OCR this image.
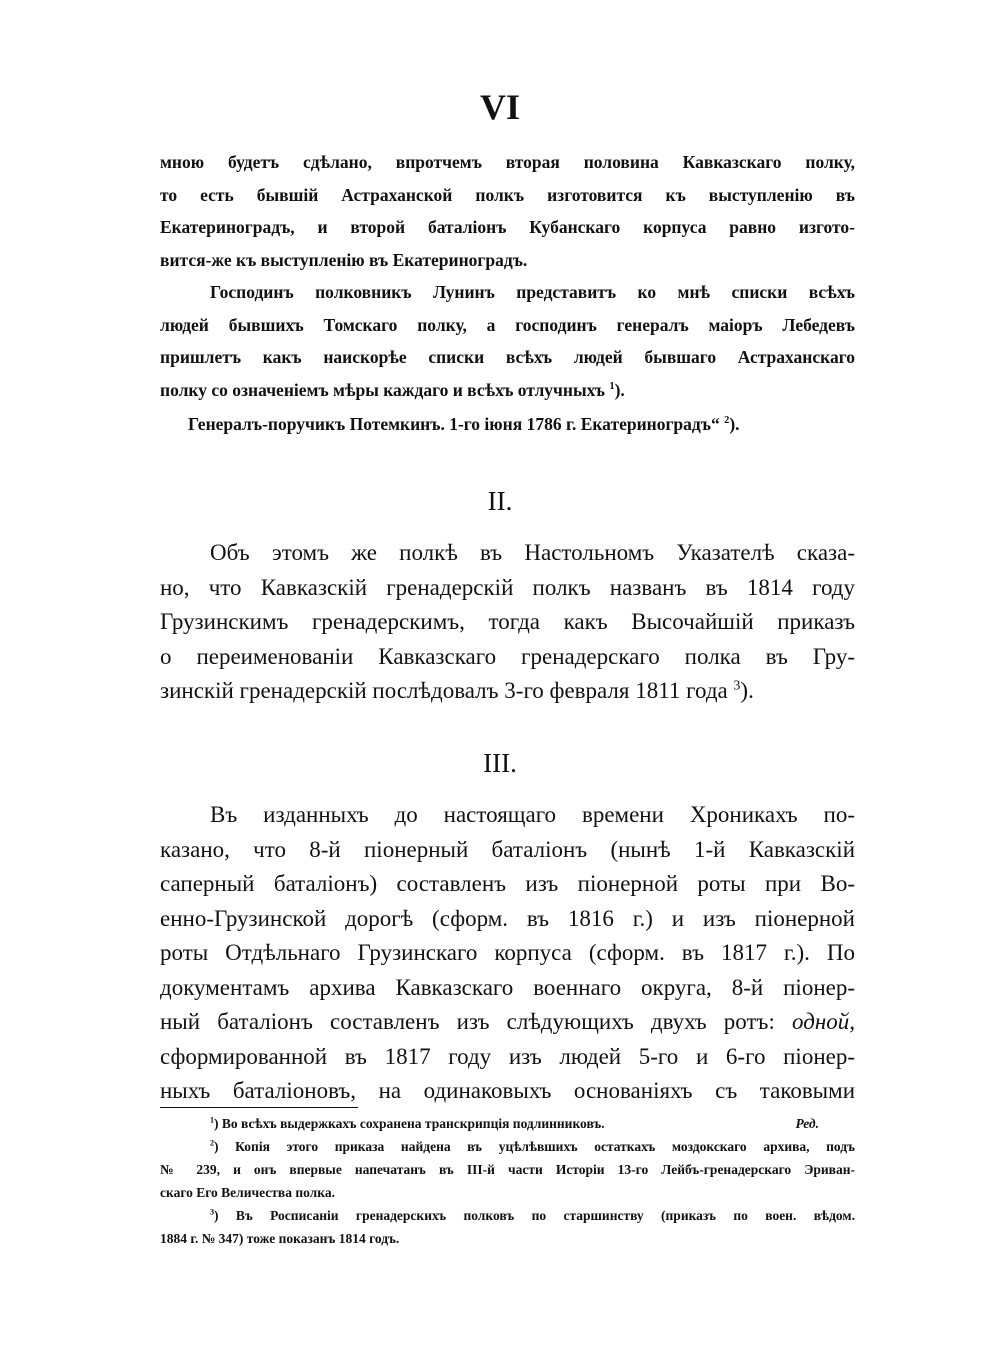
VI
мною будетъ сдѣлано, впротчемъ вторая половина Кавказскаго полку,
то есть бывшiй Астраханской полкъ изготовится къ выступленiю въ
Екатериноградъ, и второй баталiонъ Кубанскаго корпуса равно изгото-
вится-же къ выступленiю въ Екатериноградъ.
Господинъ полковникъ Лунинъ представитъ ко мнѣ списки всѣхъ
людей бывшихъ Томскаго полку, а господинъ генералъ маiоръ Лебедевъ
пришлетъ какъ наискорѣе списки всѣхъ людей бывшаго Астраханскаго
полку со означенiемъ мѣры каждаго и всѣхъ отлучныхъ $^1$).
Генералъ-поручикъ Потемкинъ. 1-го iюня 1786 г. Екатериноградъ“ $^2$).
II.
Объ этомъ же полкѣ въ Настольномъ Указателѣ сказа-
но, что Кавказскiй гренадерскiй полкъ названъ въ 1814 году
Грузинскимъ гренадерскимъ, тогда какъ Высочайшiй приказъ
о переименованiи Кавказскаго гренадерскаго полка въ Гру-
зинскiй гренадерскiй послѣдовалъ 3-го февраля 1811 года $^3$).
III.
Въ изданныхъ до настоящаго времени Хроникахъ по-
казано, что 8-й пiонерный баталiонъ (нынѣ 1-й Кавказскiй
саперный баталiонъ) составленъ изъ пiонерной роты при Во-
енно-Грузинской дорогѣ (сформ. въ 1816 г.) и изъ пiонерной
роты Отдѣльнаго Грузинскаго корпуса (сформ. въ 1817 г.). По
документамъ архива Кавказскаго военнаго округа, 8-й пiонер-
ный баталiонъ составленъ изъ слѣдующихъ двухъ ротъ: одной,
сформированной въ 1817 году изъ людей 5-го и 6-го пiонер-
ныхъ баталiоновъ, на одинаковыхъ основанiяхъ съ таковыми
$^1$) Во всѣхъ выдержкахъ сохранена транскрипцiя подлинниковъ.	Ред.
$^2$) Копiя этого приказа найдена въ уцѣлѣвшихъ остаткахъ моздокскаго архива, подъ
№ 239, и онъ впервые напечатанъ въ III-й части Исторiи 13-го Лейбъ-гренадерскаго Эриван-
скаго Его Величества полка.
$^3$) Въ Росписанiи гренадерскихъ полковъ по старшинству (приказъ по воен. вѣдом.
1884 г. № 347) тоже показанъ 1814 годъ.
